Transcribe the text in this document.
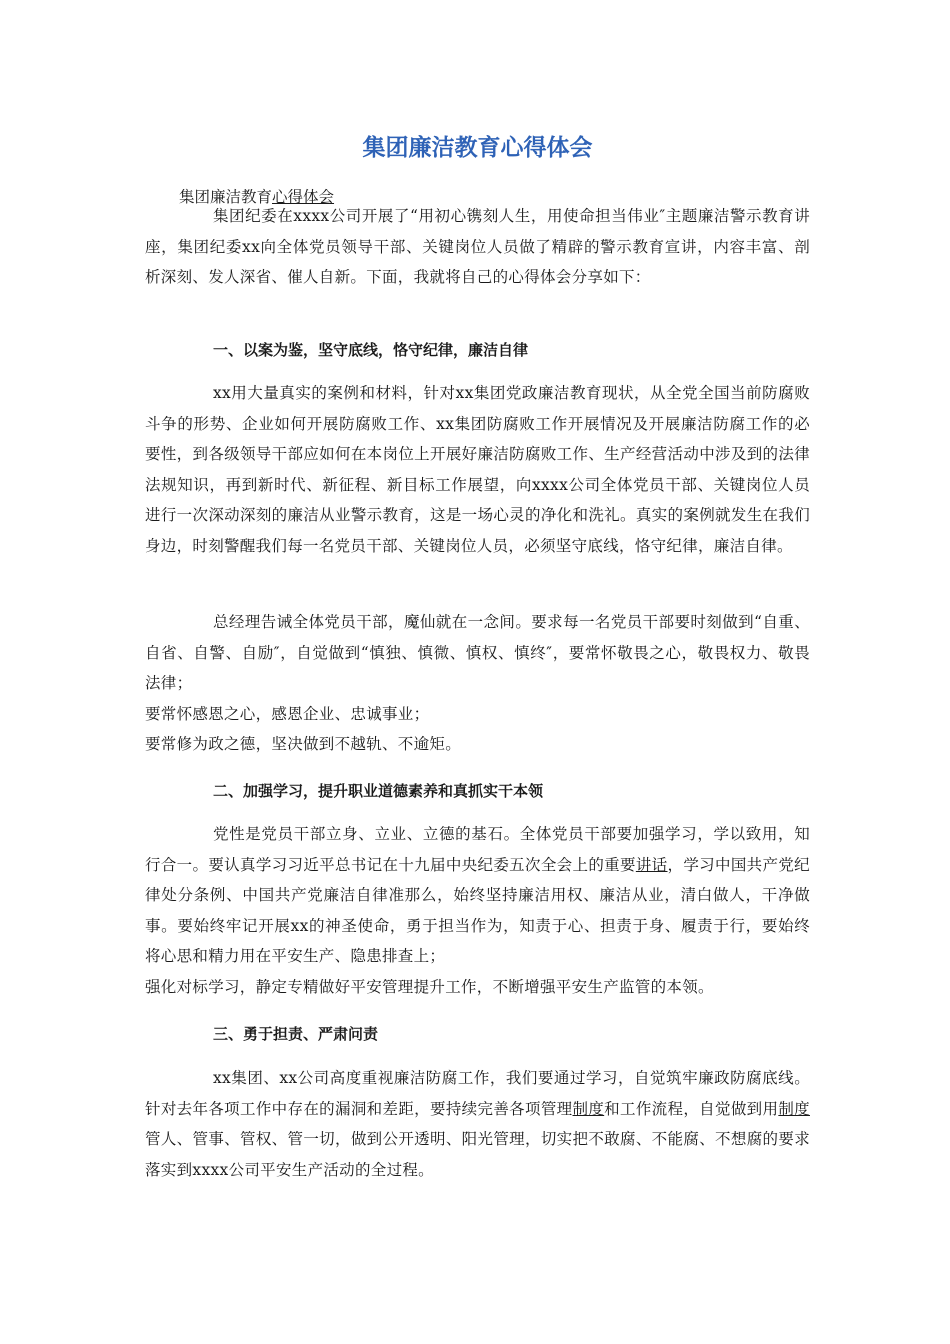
集团廉洁教育心得体会

集团廉洁教育心得体会

集团纪委在xxxx公司开展了“用初心镌刻人生，用使命担当伟业″主题廉洁警示教育讲座，集团纪委xx向全体党员领导干部、关键岗位人员做了精辟的警示教育宣讲，内容丰富、剖析深刻、发人深省、催人自新。下面，我就将自己的心得体会分享如下：

一、以案为鉴，坚守底线，恪守纪律，廉洁自律

xx用大量真实的案例和材料，针对xx集团党政廉洁教育现状，从全党全国当前防腐败斗争的形势、企业如何开展防腐败工作、xx集团防腐败工作开展情况及开展廉洁防腐工作的必要性，到各级领导干部应如何在本岗位上开展好廉洁防腐败工作、生产经营活动中涉及到的法律法规知识，再到新时代、新征程、新目标工作展望，向xxxx公司全体党员干部、关键岗位人员进行一次深动深刻的廉洁从业警示教育，这是一场心灵的净化和洗礼。真实的案例就发生在我们身边，时刻警醒我们每一名党员干部、关键岗位人员，必须坚守底线，恪守纪律，廉洁自律。

总经理告诫全体党员干部，魔仙就在一念间。要求每一名党员干部要时刻做到“自重、自省、自警、自励″，自觉做到“慎独、慎微、慎权、慎终″，要常怀敬畏之心，敬畏权力、敬畏法律；
要常怀感恩之心，感恩企业、忠诚事业；
要常修为政之德，坚决做到不越轨、不逾矩。

二、加强学习，提升职业道德素养和真抓实干本领

党性是党员干部立身、立业、立德的基石。全体党员干部要加强学习，学以致用，知行合一。要认真学习习近平总书记在十九届中央纪委五次全会上的重要讲话，学习中国共产党纪律处分条例、中国共产党廉洁自律准那么，始终坚持廉洁用权、廉洁从业，清白做人，干净做事。要始终牢记开展xx的神圣使命，勇于担当作为，知责于心、担责于身、履责于行，要始终将心思和精力用在平安生产、隐患排查上；
强化对标学习，静定专精做好平安管理提升工作，不断增强平安生产监管的本领。

三、勇于担责、严肃问责

xx集团、xx公司高度重视廉洁防腐工作，我们要通过学习，自觉筑牢廉政防腐底线。针对去年各项工作中存在的漏洞和差距，要持续完善各项管理制度和工作流程，自觉做到用制度管人、管事、管权、管一切，做到公开透明、阳光管理，切实把不敢腐、不能腐、不想腐的要求落实到xxxx公司平安生产活动的全过程。
